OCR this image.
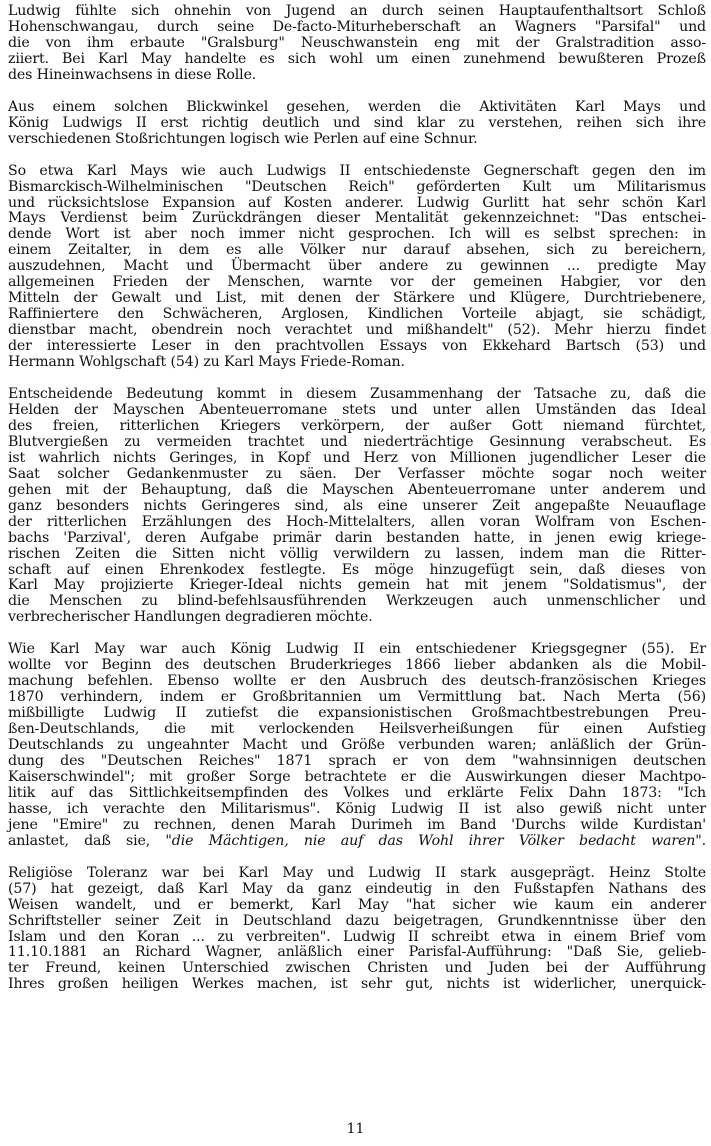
Ludwig fühlte sich ohnehin von Jugend an durch seinen Hauptaufenthaltsort Schloß

Hohenschwangau, durch seine De-facto-Miturheberschaft an Wagners "Parsifal" und

die von ihm erbaute "Gralsburg" Neuschwanstein eng mit der Gralstradition asso-

ziiert. Bei Karl May handelte es sich wohl um einen zunehmend bewußteren Prozeß

des Hineinwachsens in diese Rolle.

Aus einem solchen Blickwinkel gesehen, werden die Aktivitäten Karl Mays und

König Ludwigs II erst richtig deutlich und sind klar zu verstehen, reihen sich ihre

verschiedenen Stoßrichtungen logisch wie Perlen auf eine Schnur.

So etwa Karl Mays wie auch Ludwigs II entschiedenste Gegnerschaft gegen den im

Bismarckisch-Wilhelminischen "Deutschen Reich" geförderten Kult um Militarismus

und rücksichtslose Expansion auf Kosten anderer. Ludwig Gurlitt hat sehr schön Karl

Mays Verdienst beim Zurückdrängen dieser Mentalität gekennzeichnet: "Das entschei-

dende Wort ist aber noch immer nicht gesprochen. Ich will es selbst sprechen: in

einem Zeitalter, in dem es alle Völker nur darauf absehen, sich zu bereichern,

auszudehnen, Macht und Übermacht über andere zu gewinnen ... predigte May

allgemeinen Frieden der Menschen, warnte vor der gemeinen Habgier, vor den

Mitteln der Gewalt und List, mit denen der Stärkere und Klügere, Durchtriebenere,

Raffiniertere den Schwächeren, Arglosen, Kindlichen Vorteile abjagt, sie schädigt,

dienstbar macht, obendrein noch verachtet und mißhandelt" (52). Mehr hierzu findet

der interessierte Leser in den prachtvollen Essays von Ekkehard Bartsch (53) und

Hermann Wohlgschaft (54) zu Karl Mays Friede-Roman.

Entscheidende Bedeutung kommt in diesem Zusammenhang der Tatsache zu, daß die

Helden der Mayschen Abenteuerromane stets und unter allen Umständen das Ideal

des freien, ritterlichen Kriegers verkörpern, der außer Gott niemand fürchtet,

Blutvergießen zu vermeiden trachtet und niederträchtige Gesinnung verabscheut. Es

ist wahrlich nichts Geringes, in Kopf und Herz von Millionen jugendlicher Leser die

Saat solcher Gedankenmuster zu säen. Der Verfasser möchte sogar noch weiter

gehen mit der Behauptung, daß die Mayschen Abenteuerromane unter anderem und

ganz besonders nichts Geringeres sind, als eine unserer Zeit angepaßte Neuauflage

der ritterlichen Erzählungen des Hoch-Mittelalters, allen voran Wolfram von Eschen-

bachs 'Parzival', deren Aufgabe primär darin bestanden hatte, in jenen ewig kriege-

rischen Zeiten die Sitten nicht völlig verwildern zu lassen, indem man die Ritter-

schaft auf einen Ehrenkodex festlegte. Es möge hinzugefügt sein, daß dieses von

Karl May projizierte Krieger-Ideal nichts gemein hat mit jenem "Soldatismus", der

die Menschen zu blind-befehlsausführenden Werkzeugen auch unmenschlicher und

verbrecherischer Handlungen degradieren möchte.

Wie Karl May war auch König Ludwig II ein entschiedener Kriegsgegner (55). Er

wollte vor Beginn des deutschen Bruderkrieges 1866 lieber abdanken als die Mobil-

machung befehlen. Ebenso wollte er den Ausbruch des deutsch-französischen Krieges

1870 verhindern, indem er Großbritannien um Vermittlung bat. Nach Merta (56)

mißbilligte Ludwig II zutiefst die expansionistischen Großmachtbestrebungen Preu-

ßen-Deutschlands, die mit verlockenden Heilsverheißungen für einen Aufstieg

Deutschlands zu ungeahnter Macht und Größe verbunden waren; anläßlich der Grün-

dung des "Deutschen Reiches" 1871 sprach er von dem "wahnsinnigen deutschen

Kaiserschwindel"; mit großer Sorge betrachtete er die Auswirkungen dieser Machtpo-

litik auf das Sittlichkeitsempfinden des Volkes und erklärte Felix Dahn 1873: "Ich

hasse, ich verachte den Militarismus". König Ludwig II ist also gewiß nicht unter

jene "Emire" zu rechnen, denen Marah Durimeh im Band 'Durchs wilde Kurdistan'

anlastet, daß sie, "die Mächtigen, nie auf das Wohl ihrer Völker bedacht waren".

Religiöse Toleranz war bei Karl May und Ludwig II stark ausgeprägt. Heinz Stolte

(57) hat gezeigt, daß Karl May da ganz eindeutig in den Fußstapfen Nathans des

Weisen wandelt, und er bemerkt, Karl May "hat sicher wie kaum ein anderer

Schriftsteller seiner Zeit in Deutschland dazu beigetragen, Grundkenntnisse über den

Islam und den Koran ... zu verbreiten". Ludwig II schreibt etwa in einem Brief vom

11.10.1881 an Richard Wagner, anläßlich einer Parisfal-Aufführung: "Daß Sie, gelieb-

ter Freund, keinen Unterschied zwischen Christen und Juden bei der Aufführung

Ihres großen heiligen Werkes machen, ist sehr gut, nichts ist widerlicher, unerquick-

11
